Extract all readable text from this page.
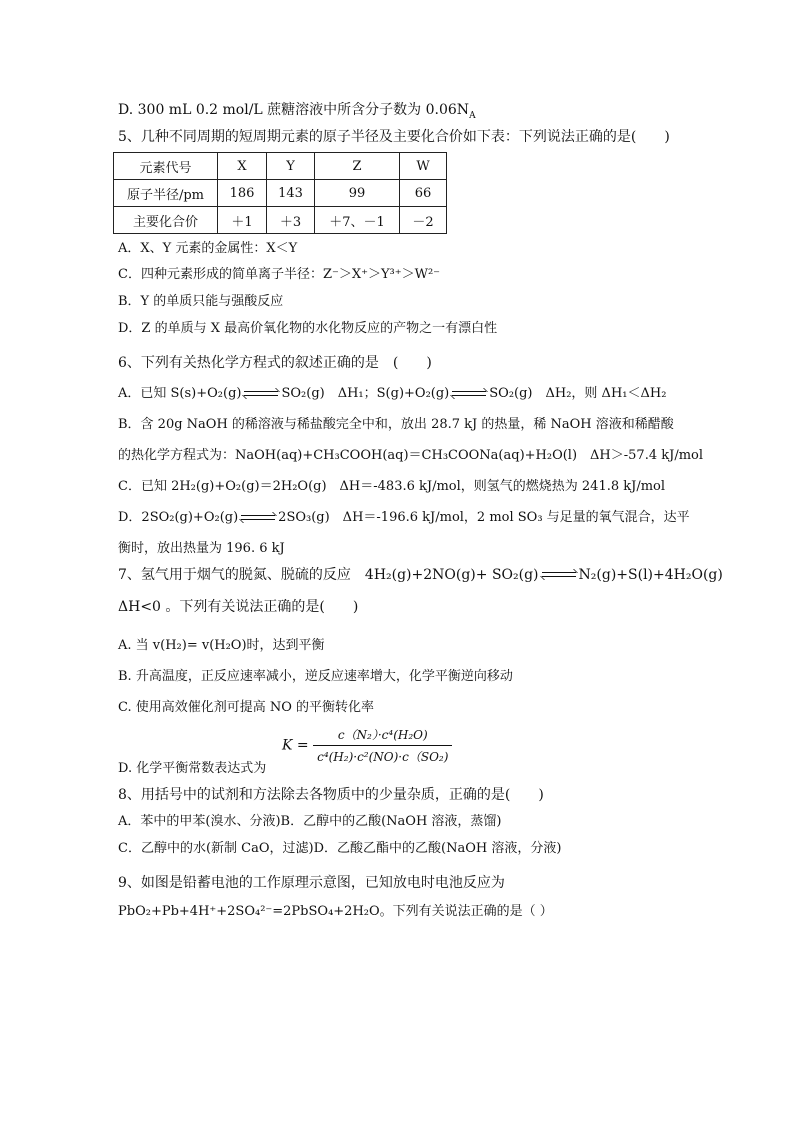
D. 300 mL 0.2 mol/L 蔗糖溶液中所含分子数为 $0.06N_A$
5、几种不同周期的短周期元素的原子半径及主要化合价如下表：下列说法正确的是(　　)
元素代号	X	Y	Z	W
原子半径/pm	186	143	99	66
主要化合价	＋1	＋3	＋7、－1	－2
A．X、Y 元素的金属性：X＜Y
C．四种元素形成的简单离子半径：Z⁻＞X⁺＞Y³⁺＞W²⁻
B．Y 的单质只能与强酸反应
D．Z 的单质与 X 最高价氧化物的水化物反应的产物之一有漂白性
6、下列有关热化学方程式的叙述正确的是　(　　)
A．已知 S(s)+O₂(g)	SO₂(g)　ΔH₁；S(g)+O₂(g)	SO₂(g)　ΔH₂，则 ΔH₁＜ΔH₂
B．含 20g NaOH 的稀溶液与稀盐酸完全中和，放出 28.7 kJ 的热量，稀 NaOH 溶液和稀醋酸
的热化学方程式为：NaOH(aq)+CH₃COOH(aq)＝CH₃COONa(aq)+H₂O(l)　ΔH＞-57.4 kJ/mol
C．已知 2H₂(g)+O₂(g)＝2H₂O(g)　ΔH＝-483.6 kJ/mol，则氢气的燃烧热为 241.8 kJ/mol
D．2SO₂(g)+O₂(g)	2SO₃(g)　ΔH＝-196.6 kJ/mol，2 mol SO₃ 与足量的氧气混合，达平
衡时，放出热量为 196. 6 kJ
7、氢气用于烟气的脱氮、脱硫的反应　4H₂(g)+2NO(g)+ SO₂(g)	N₂(g)+S(l)+4H₂O(g)
ΔH<0 。下列有关说法正确的是(　　)
A. 当 v(H₂)= v(H₂O)时，达到平衡
B. 升高温度，正反应速率减小，逆反应速率增大，化学平衡逆向移动
C. 使用高效催化剂可提高 NO 的平衡转化率
$K = \frac{\text{c（N₂）·c⁴(H₂O)}}{\text{c⁴(H₂)·c²(NO)·c（SO₂)}}$
D. 化学平衡常数表达式为
8、用括号中的试剂和方法除去各物质中的少量杂质，正确的是(　　)
A．苯中的甲苯(溴水、分液)B．乙醇中的乙酸(NaOH 溶液，蒸馏)
C．乙醇中的水(新制 CaO，过滤)D．乙酸乙酯中的乙酸(NaOH 溶液，分液)
9、如图是铅蓄电池的工作原理示意图，已知放电时电池反应为
PbO₂+Pb+4H⁺+2SO₄²⁻=2PbSO₄+2H₂O。下列有关说法正确的是（ ）
